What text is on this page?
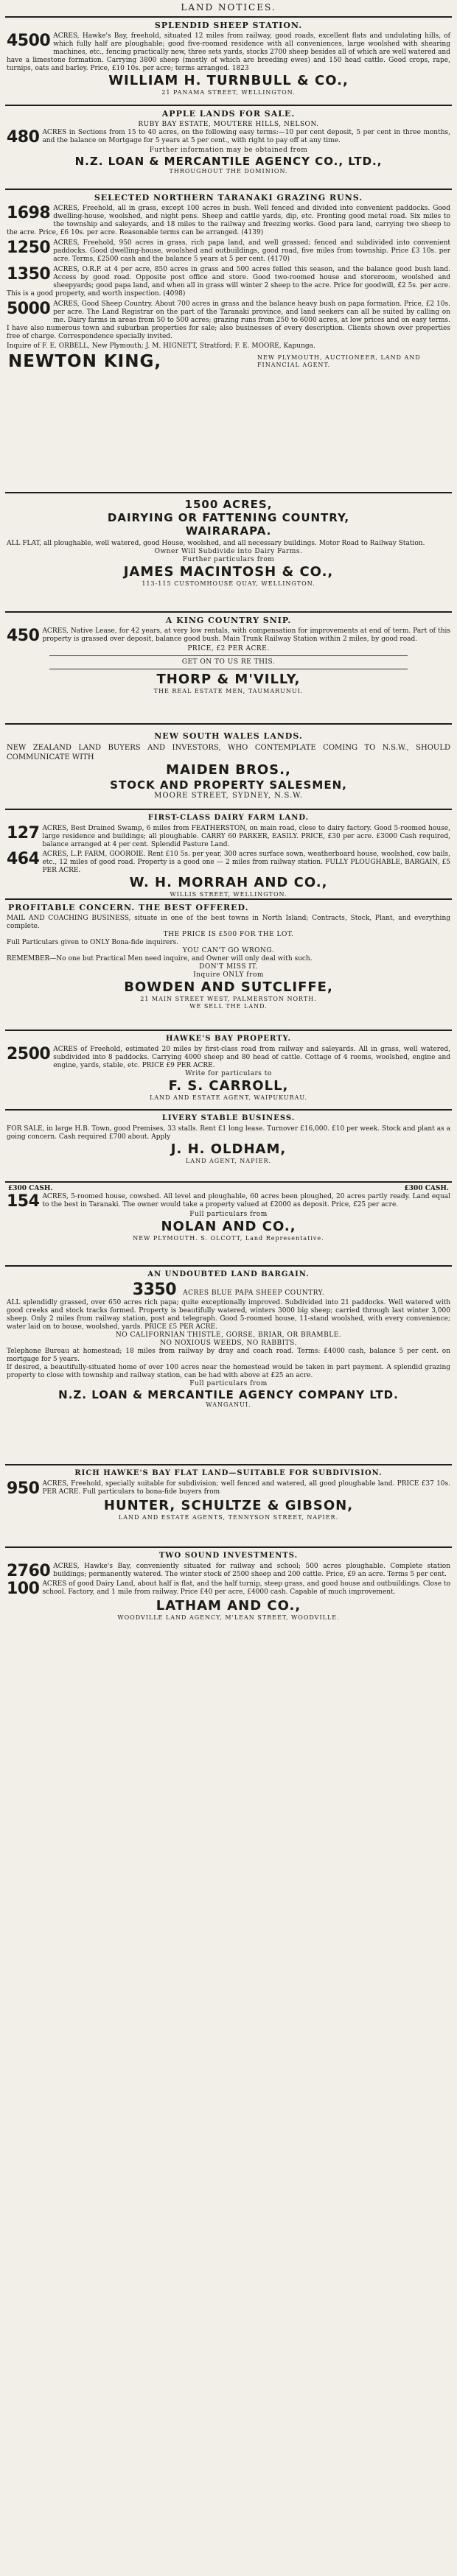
LAND NOTICES.
SPLENDID SHEEP STATION.
4500 ACRES, Hawke's Bay, freehold, situated 12 miles from railway, good roads, excellent flats and undulating hills, of which fully half are ploughable; good five-roomed residence with all conveniences, large woolshed with shearing machines, etc., fencing practically new, three sets yards, stocks 2700 sheep besides all of which are well watered and have a limestone formation. Carrying 3800 sheep (mostly of which are breeding ewes) and 150 head cattle. Good crops, rape, turnips, oats and barley. Price, £10 10s. per acre; terms arranged. 1823
WILLIAM H. TURNBULL & CO.,
21 PANAMA STREET, WELLINGTON.
APPLE LANDS FOR SALE.
RUBY BAY ESTATE, MOUTERE HILLS, NELSON.
480 ACRES in Sections from 15 to 40 acres, on the following easy terms:—10 per cent deposit, 5 per cent in three months, and the balance on Mortgage for 5 years at 5 per cent., with right to pay off at any time.
Further information may be obtained from
N.Z. LOAN & MERCANTILE AGENCY CO., LTD.,
THROUGHOUT THE DOMINION.
SELECTED NORTHERN TARANAKI GRAZING RUNS.
1698 ACRES, Freehold, all in grass, except 100 acres in bush. Well fenced and divided into convenient paddocks. Good dwelling-house, woolshed, and night pens. Sheep and cattle yards, dip, etc. Fronting good metal road. Six miles to the township and saleyards, and 18 miles to the railway and freezing works. Good para land, carrying two sheep to the acre. Price, £6 10s. per acre. Reasonable terms can be arranged. (4139)
1250 ACRES, Freehold, 950 acres in grass, rich papa land, and well grassed; fenced and subdivided into convenient paddocks. Good dwelling-house, woolshed and outbuildings, good road, five miles from township. Price £3 10s. per acre. Terms, £2500 cash and the balance 5 years at 5 per cent. (4170)
1350 ACRES, O.R.P. at 4 per acre, 850 acres in grass and 500 acres felled this season, and the balance good bush land. Access by good road. Opposite post office and store. Good two-roomed house and storeroom, woolshed and sheepyards; good papa land, and when all in grass will winter 2 sheep to the acre. Price for goodwill, £2 5s. per acre. This is a good property, and worth inspection. (4098)
5000 ACRES, Good Sheep Country. About 700 acres in grass and the balance heavy bush on papa formation. Price, £2 10s. per acre. The Land Registrar on the part of the Taranaki province, and land seekers can all be suited by calling on me. Dairy farms in areas from 50 to 500 acres; grazing runs from 250 to 6000 acres, at low prices and on easy terms. I have also numerous town and suburban properties for sale; also businesses of every description. Clients shown over properties free of charge. Correspondence specially invited.
Inquire of F. E. ORBELL, New Plymouth; J. M. HIGNETT, Stratford; F. E. MOORE, Kapunga.
NEWTON KING,	NEW PLYMOUTH, AUCTIONEER, LAND AND FINANCIAL AGENT.
1500 ACRES,
DAIRYING OR FATTENING COUNTRY,
WAIRARAPA.
ALL FLAT, all ploughable, well watered, good House, woolshed, and all necessary buildings. Motor Road to Railway Station.
Owner Will Subdivide into Dairy Farms.
Further particulars from
JAMES MACINTOSH & CO.,
113-115 CUSTOMHOUSE QUAY, WELLINGTON.
A KING COUNTRY SNIP.
450 ACRES, Native Lease, for 42 years, at very low rentals, with compensation for improvements at end of term. Part of this property is grassed over deposit, balance good bush. Main Trunk Railway Station within 2 miles, by good road.
PRICE, £2 PER ACRE.
GET ON TO US RE THIS.
THORP & M'VILLY,
THE REAL ESTATE MEN, TAUMARUNUI.
NEW SOUTH WALES LANDS.
NEW ZEALAND LAND BUYERS AND INVESTORS, WHO CONTEMPLATE COMING TO N.S.W., SHOULD COMMUNICATE WITH
MAIDEN BROS.,
STOCK AND PROPERTY SALESMEN,
MOORE STREET, SYDNEY, N.S.W.
FIRST-CLASS DAIRY FARM LAND.
127 ACRES, Best Drained Swamp, 6 miles from FEATHERSTON, on main road, close to dairy factory. Good 5-roomed house, large residence and buildings; all ploughable. CARRY 60 PARKER, EASILY. PRICE, £30 per acre. £3000 Cash required, balance arranged at 4 per cent. Splendid Pasture Land.
464 ACRES, L.P. FARM, GOOROIE. Rent £10 5s. per year, 300 acres surface sown, weatherboard house, woolshed, cow bails, etc., 12 miles of good road. Property is a good one — 2 miles from railway station. FULLY PLOUGHABLE, BARGAIN, £5 PER ACRE.
W. H. MORRAH AND CO.,
WILLIS STREET, WELLINGTON.
PROFITABLE CONCERN. THE BEST OFFERED.
MAIL AND COACHING BUSINESS, situate in one of the best towns in North Island; Contracts, Stock, Plant, and everything complete.
THE PRICE IS £500 FOR THE LOT.
Full Particulars given to ONLY Bona-fide inquirers.
YOU CAN'T GO WRONG.
REMEMBER—No one but Practical Men need inquire, and Owner will only deal with such.
DON'T MISS IT.
Inquire ONLY from
BOWDEN AND SUTCLIFFE,
21 MAIN STREET WEST, PALMERSTON NORTH.
WE SELL THE LAND.
HAWKE'S BAY PROPERTY.
2500 ACRES of Freehold, estimated 20 miles by first-class road from railway and saleyards. All in grass, well watered, subdivided into 8 paddocks. Carrying 4000 sheep and 80 head of cattle. Cottage of 4 rooms, woolshed, engine and engine, yards, stable, etc. PRICE £9 PER ACRE.
Write for particulars to
F. S. CARROLL,
LAND AND ESTATE AGENT, WAIPUKURAU.
LIVERY STABLE BUSINESS.
FOR SALE, in large H.B. Town, good Premises, 33 stalls. Rent £1 long lease. Turnover £16,000. £10 per week. Stock and plant as a going concern. Cash required £700 about. Apply
J. H. OLDHAM,
LAND AGENT, NAPIER.
£300 CASH.	£300 CASH.
154 ACRES, 5-roomed house, cowshed. All level and ploughable, 60 acres been ploughed, 20 acres partly ready. Land equal to the best in Taranaki. The owner would take a property valued at £2000 as deposit. Price, £25 per acre.
Full particulars from
NOLAN AND CO.,
NEW PLYMOUTH. S. OLCOTT, Land Representative.
AN UNDOUBTED LAND BARGAIN.
3350 ACRES BLUE PAPA SHEEP COUNTRY.
ALL splendidly grassed, over 650 acres rich papa; quite exceptionally improved. Subdivided into 21 paddocks. Well watered with good creeks and stock tracks formed. Property is beautifully watered, winters 3000 big sheep; carried through last winter 3,000 sheep. Only 2 miles from railway station, post and telegraph. Good 5-roomed house, 11-stand woolshed, with every convenience; water laid on to house, woolshed, yards. PRICE £5 PER ACRE.
NO CALIFORNIAN THISTLE, GORSE, BRIAR, OR BRAMBLE.
NO NOXIOUS WEEDS, NO RABBITS.
Telephone Bureau at homestead; 18 miles from railway by dray and coach road. Terms: £4000 cash, balance 5 per cent. on mortgage for 5 years.
If desired, a beautifully-situated home of over 100 acres near the homestead would be taken in part payment. A splendid grazing property to close with township and railway station, can be had with above at £25 an acre.
Full particulars from
N.Z. LOAN & MERCANTILE AGENCY COMPANY LTD.
WANGANUI.
RICH HAWKE'S BAY FLAT LAND—SUITABLE FOR SUBDIVISION.
950 ACRES, Freehold, specially suitable for subdivision; well fenced and watered, all good ploughable land. PRICE £37 10s. PER ACRE. Full particulars to bona-fide buyers from
HUNTER, SCHULTZE & GIBSON,
LAND AND ESTATE AGENTS, TENNYSON STREET, NAPIER.
TWO SOUND INVESTMENTS.
2760 ACRES, Hawke's Bay, conveniently situated for railway and school; 500 acres ploughable. Complete station buildings; permanently watered. The winter stock of 2500 sheep and 200 cattle. Price, £9 an acre. Terms 5 per cent.
100 ACRES of good Dairy Land, about half is flat, and the half turnip, steep grass, and good house and outbuildings. Close to school. Factory, and 1 mile from railway. Price £40 per acre, £4000 cash. Capable of much improvement.
LATHAM AND CO.,
WOODVILLE LAND AGENCY, M'LEAN STREET, WOODVILLE.
